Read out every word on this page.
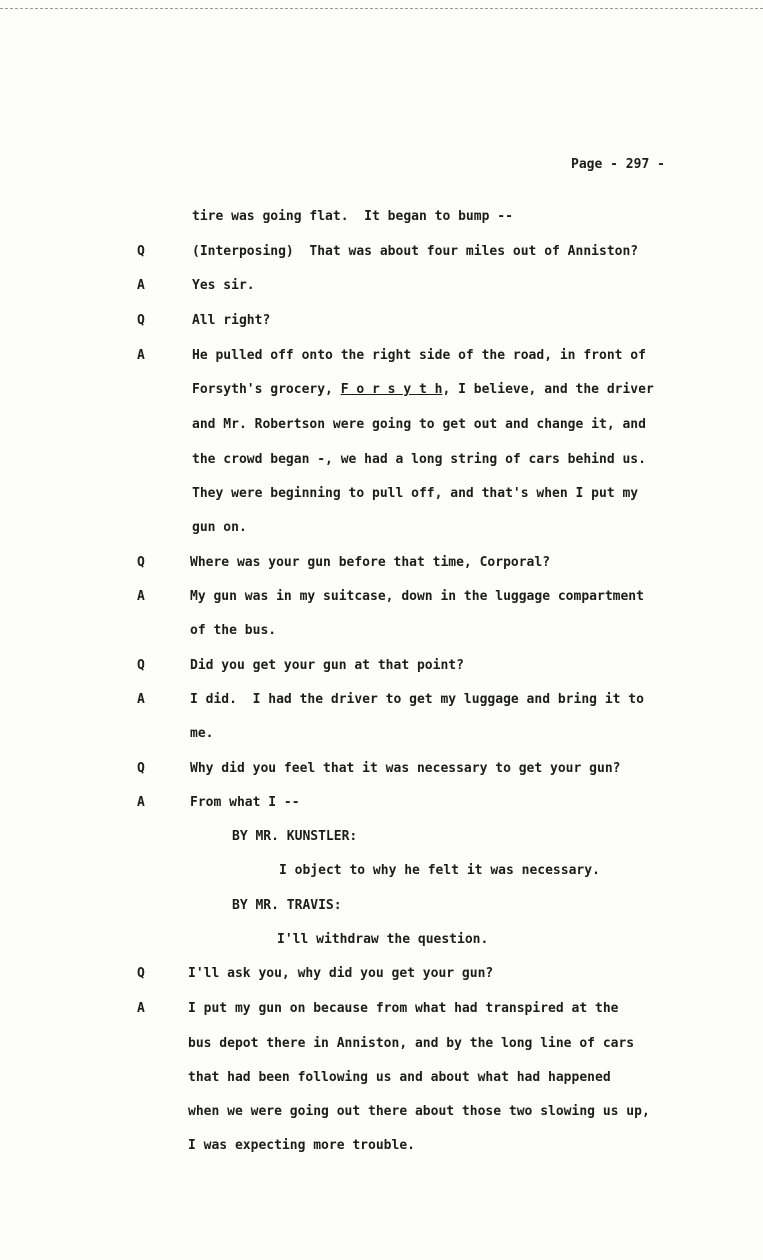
Page - 297 -
tire was going flat.  It began to bump --
Q	(Interposing)  That was about four miles out of Anniston?
A	Yes sir.
Q	All right?
A	He pulled off onto the right side of the road, in front of
Forsyth's grocery, F o r s y t h, I believe, and the driver
and Mr. Robertson were going to get out and change it, and
the crowd began -, we had a long string of cars behind us.
They were beginning to pull off, and that's when I put my
gun on.
Q	Where was your gun before that time, Corporal?
A	My gun was in my suitcase, down in the luggage compartment
of the bus.
Q	Did you get your gun at that point?
A	I did.  I had the driver to get my luggage and bring it to
me.
Q	Why did you feel that it was necessary to get your gun?
A	From what I --
BY MR. KUNSTLER:
I object to why he felt it was necessary.
BY MR. TRAVIS:
I'll withdraw the question.
Q	I'll ask you, why did you get your gun?
A	I put my gun on because from what had transpired at the
bus depot there in Anniston, and by the long line of cars
that had been following us and about what had happened
when we were going out there about those two slowing us up,
I was expecting more trouble.
